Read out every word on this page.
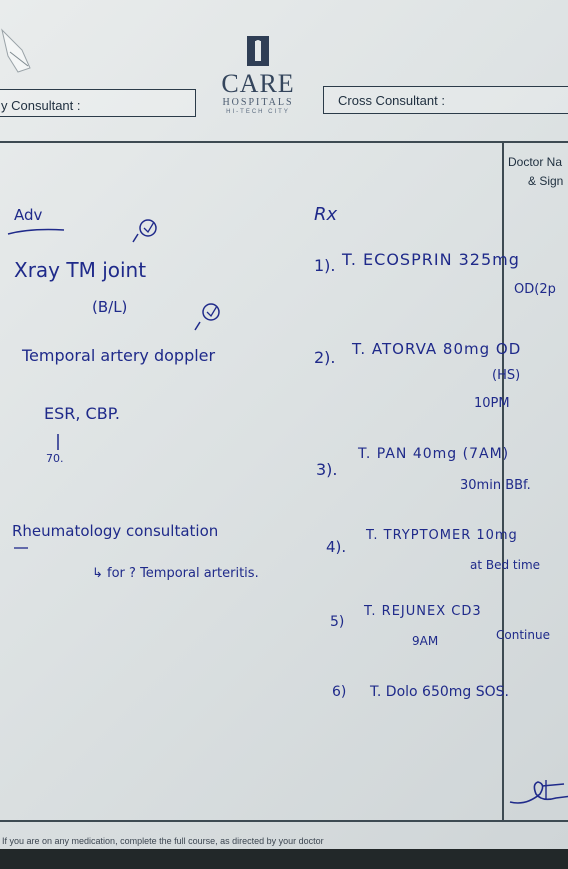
y Consultant :
CARE
HOSPITALS
HI-TECH CITY
Cross Consultant :
Doctor Na
& Sign
Adv
Xray TM joint
(B/L)
Temporal artery doppler
ESR, CBP.
70.
Rheumatology consultation
↳ for ? Temporal arteritis.
Rx
1). T. ECOSPRIN 325mg
OD(2p
2). T. ATORVA 80mg OD
(HS)
10PM
3).
T. PAN 40mg (7AM)
30min BBf.
4).
T. TRYPTOMER 10mg
at Bed time
5)
T. REJUNEX CD3
9AM	Continue
6) T. Dolo 650mg SOS.
If you are on any medication, complete the full course, as directed by your doctor
